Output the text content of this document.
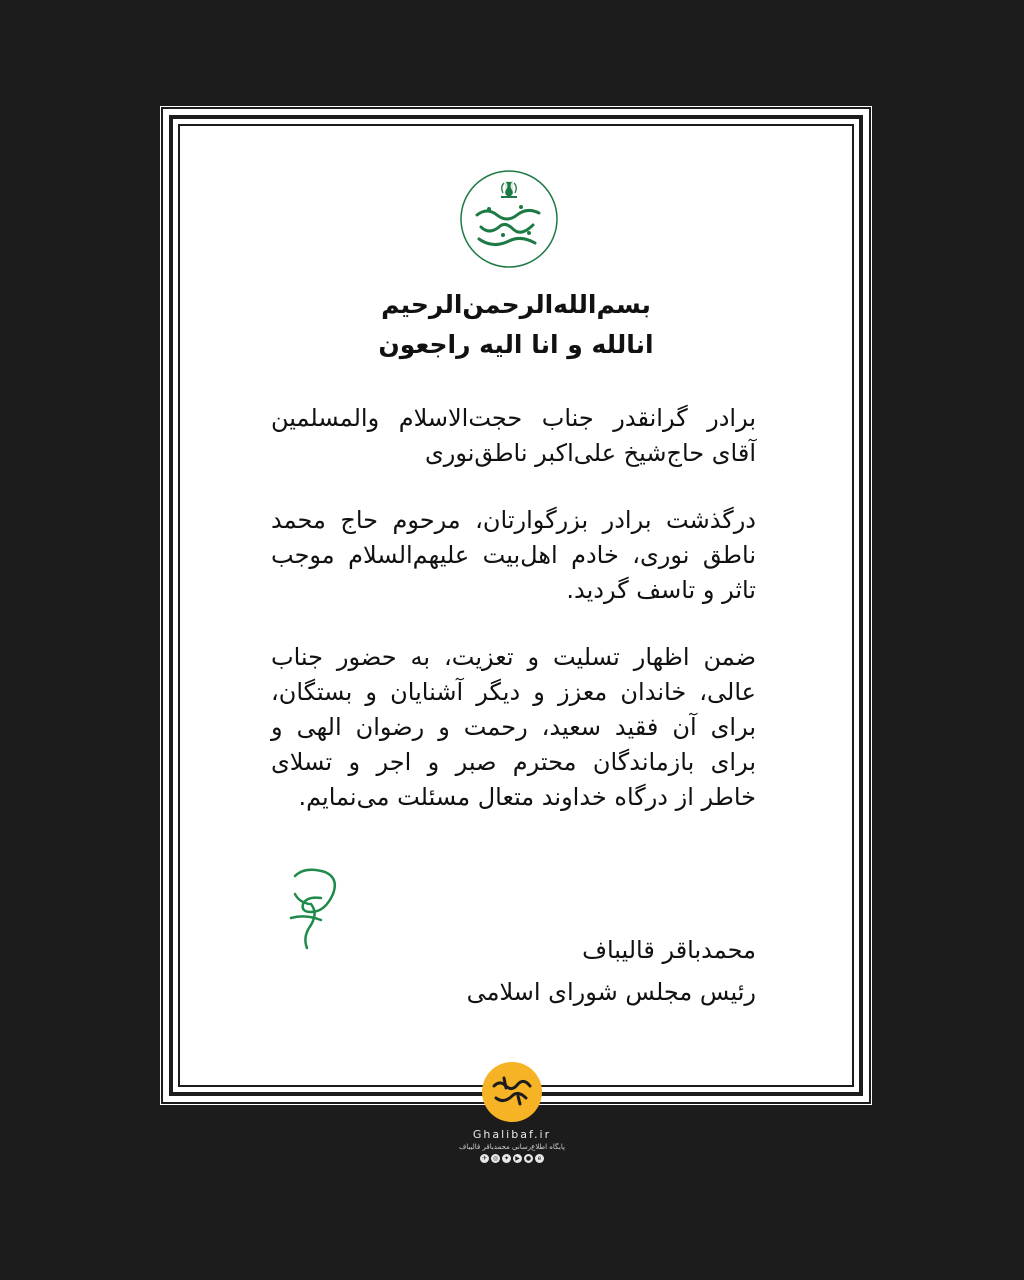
بسم‌الله‌الرحمن‌الرحیم
انالله و انا الیه راجعون

برادر گرانقدر جناب حجت‌الاسلام والمسلمین آقای حاج‌شیخ علی‌اکبر ناطق‌نوری

درگذشت برادر بزرگوارتان، مرحوم حاج محمد ناطق نوری، خادم اهل‌بیت علیهم‌السلام موجب تاثر و تاسف گردید.

ضمن اظهار تسلیت و تعزیت، به حضور جناب عالی، خاندان معزز و دیگر آشنایان و بستگان، برای آن فقید سعید، رحمت و رضوان الهی و برای بازماندگان محترم صبر و اجر و تسلای خاطر از درگاه خداوند متعال مسئلت می‌نمایم.

محمدباقر قالیباف
رئیس مجلس شورای اسلامی
Ghalibaf.ir
پایگاه اطلاع‌رسانی محمدباقر قالیباف
✈ ◎ ✦	▶	●	e
